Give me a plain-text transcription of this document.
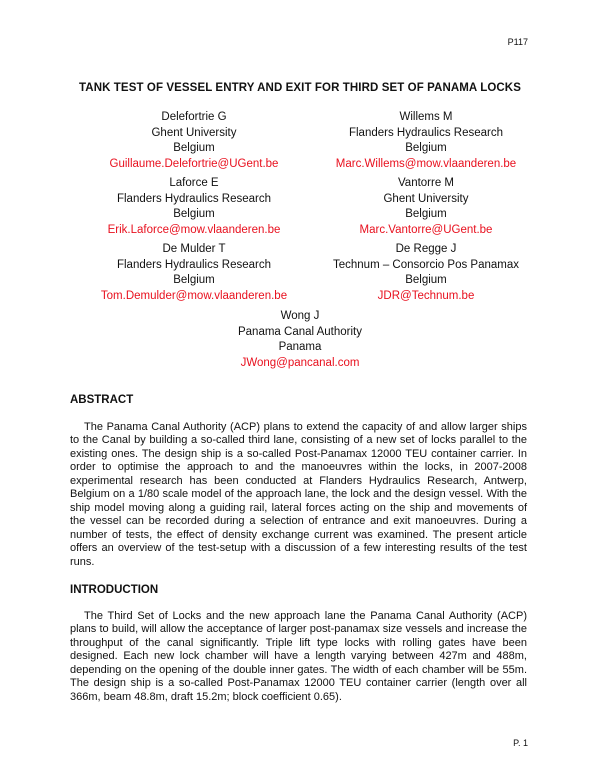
P117
TANK TEST OF VESSEL ENTRY AND EXIT FOR THIRD SET OF PANAMA LOCKS
Delefortrie G
Ghent University
Belgium
Guillaume.Delefortrie@UGent.be
Willems M
Flanders Hydraulics Research
Belgium
Marc.Willems@mow.vlaanderen.be
Laforce E
Flanders Hydraulics Research
Belgium
Erik.Laforce@mow.vlaanderen.be
Vantorre M
Ghent University
Belgium
Marc.Vantorre@UGent.be
De Mulder T
Flanders Hydraulics Research
Belgium
Tom.Demulder@mow.vlaanderen.be
De Regge J
Technum – Consorcio Pos Panamax
Belgium
JDR@Technum.be
Wong J
Panama Canal Authority
Panama
JWong@pancanal.com
ABSTRACT

The Panama Canal Authority (ACP) plans to extend the capacity of and allow larger ships to the Canal by building a so-called third lane, consisting of a new set of locks parallel to the existing ones. The design ship is a so-called Post-Panamax 12000 TEU container carrier. In order to optimise the approach to and the manoeuvres within the locks, in 2007-2008 experimental research has been conducted at Flanders Hydraulics Research, Antwerp, Belgium on a 1/80 scale model of the approach lane, the lock and the design vessel. With the ship model moving along a guiding rail, lateral forces acting on the ship and movements of the vessel can be recorded during a selection of entrance and exit manoeuvres. During a number of tests, the effect of density exchange current was examined. The present article offers an overview of the test-setup with a discussion of a few interesting results of the test runs.

INTRODUCTION

The Third Set of Locks and the new approach lane the Panama Canal Authority (ACP) plans to build, will allow the acceptance of larger post-panamax size vessels and increase the throughput of the canal significantly. Triple lift type locks with rolling gates have been designed. Each new lock chamber will have a length varying between 427m and 488m, depending on the opening of the double inner gates. The width of each chamber will be 55m. The design ship is a so-called Post-Panamax 12000 TEU container carrier (length over all 366m, beam 48.8m, draft 15.2m; block coefficient 0.65).

P. 1
